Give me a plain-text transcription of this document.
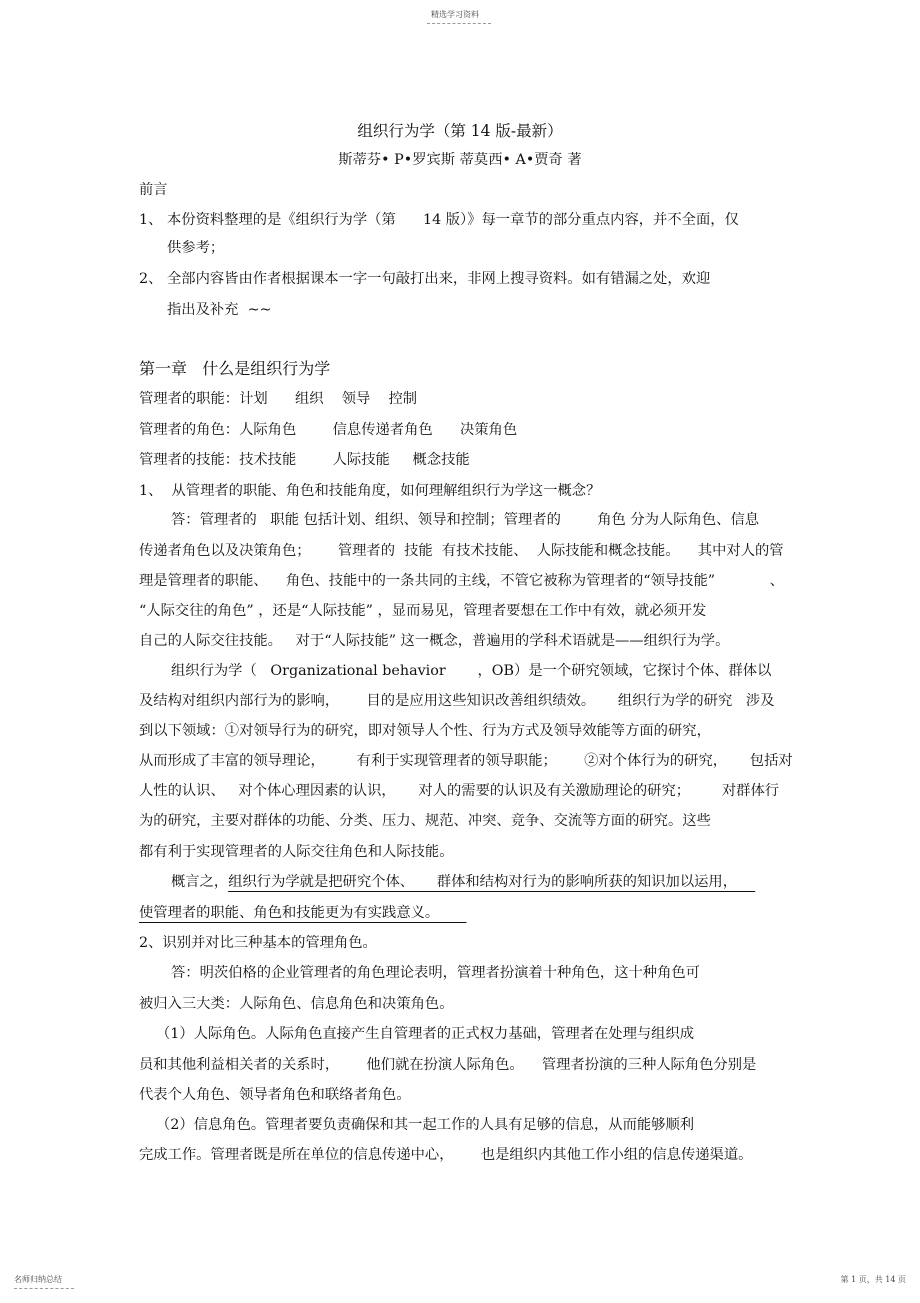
精选学习资料
组织行为学（第 14 版-最新）
斯蒂芬• P•罗宾斯 蒂莫西• A•贾奇 著
前言
1、 本份资料整理的是《组织行为学（第      14 版）》每一章节的部分重点内容，并不全面，仅
供参考；
2、 全部内容皆由作者根据课本一字一句敲打出来，非网上搜寻资料。如有错漏之处，欢迎
指出及补充  ~~
第一章   什么是组织行为学
管理者的职能：计划      组织    领导    控制
管理者的角色：人际角色        信息传递者角色      决策角色
管理者的技能：技术技能        人际技能     概念技能
1、  从管理者的职能、角色和技能角度，如何理解组织行为学这一概念？
答：管理者的   职能 包括计划、组织、领导和控制；管理者的        角色 分为人际角色、信息
传递者角色以及决策角色；      管理者的  技能  有技术技能、  人际技能和概念技能。    其中对人的管
理是管理者的职能、    角色、技能中的一条共同的主线，不管它被称为管理者的“领导技能”            、
“人际交往的角色” ，还是“人际技能” ，显而易见，管理者要想在工作中有效，就必须开发
自己的人际交往技能。   对于“人际技能” 这一概念，普遍用的学科术语就是——组织行为学。
组织行为学（   Organizational behavior       ，OB）是一个研究领域，它探讨个体、群体以
及结构对组织内部行为的影响，      目的是应用这些知识改善组织绩效。     组织行为学的研究   涉及
到以下领域：①对领导行为的研究，即对领导人个性、行为方式及领导效能等方面的研究，
从而形成了丰富的领导理论，       有利于实现管理者的领导职能；      ②对个体行为的研究，     包括对
人性的认识、   对个体心理因素的认识，     对人的需要的认识及有关激励理论的研究；       对群体行
为的研究，主要对群体的功能、分类、压力、规范、冲突、竞争、交流等方面的研究。这些
都有利于实现管理者的人际交往角色和人际技能。
概言之，组织行为学就是把研究个体、     群体和结构对行为的影响所获的知识加以运用，
使管理者的职能、角色和技能更为有实践意义。
2、识别并对比三种基本的管理角色。
答：明茨伯格的企业管理者的角色理论表明，管理者扮演着十种角色，这十种角色可
被归入三大类：人际角色、信息角色和决策角色。
（1）人际角色。人际角色直接产生自管理者的正式权力基础，管理者在处理与组织成
员和其他利益相关者的关系时，      他们就在扮演人际角色。    管理者扮演的三种人际角色分别是
代表个人角色、领导者角色和联络者角色。
（2）信息角色。管理者要负责确保和其一起工作的人具有足够的信息，从而能够顺利
完成工作。管理者既是所在单位的信息传递中心，      也是组织内其他工作小组的信息传递渠道。
名师归纳总结	第 1 页，共 14 页
